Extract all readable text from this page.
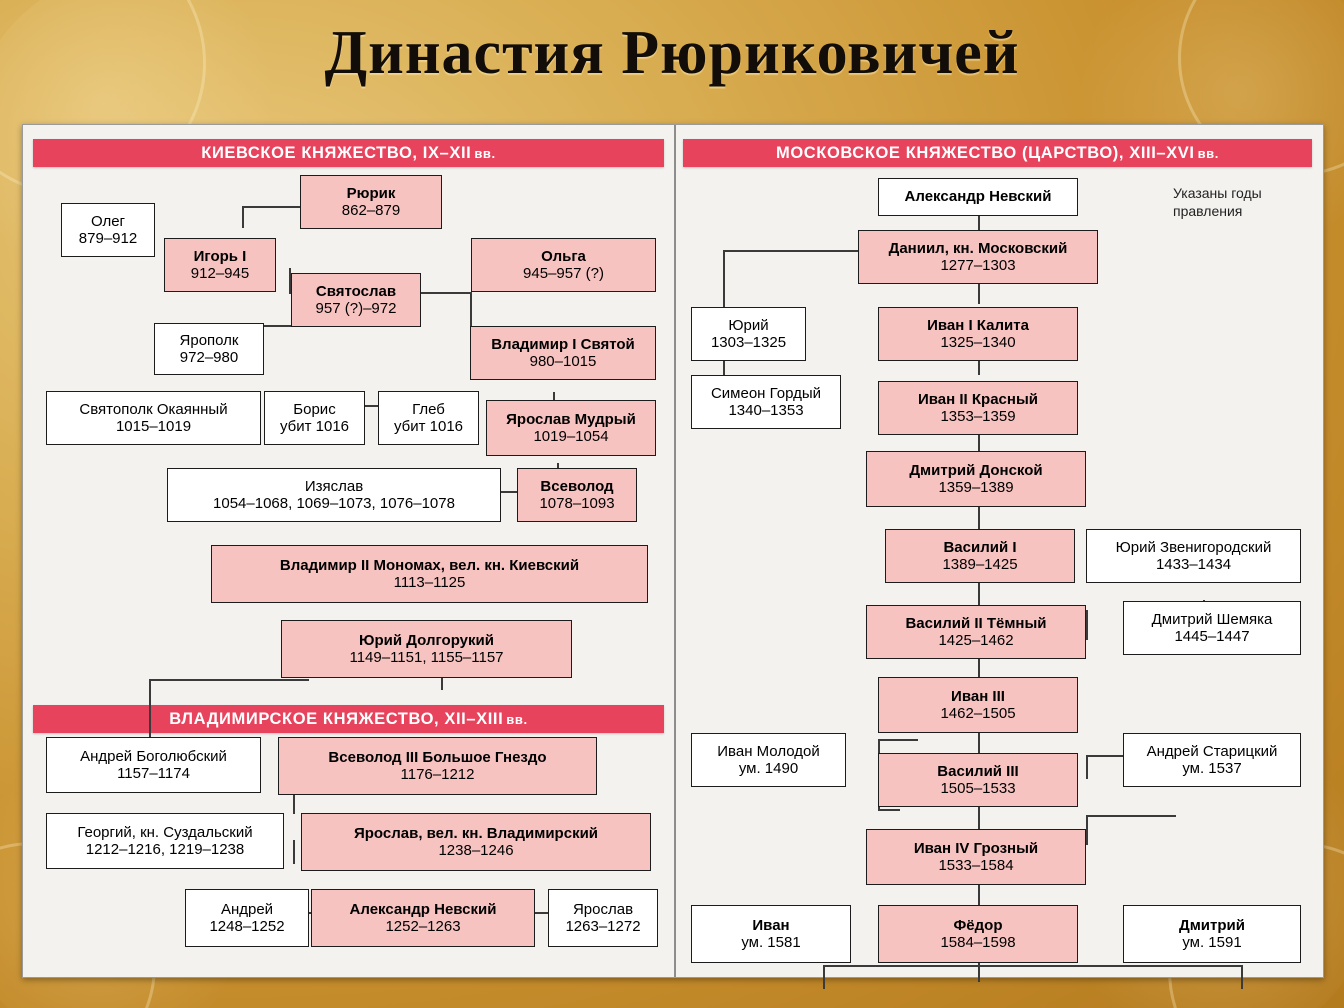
Династия Рюриковичей
КИЕВСКОЕ КНЯЖЕСТВО, IX–XII вв.
ВЛАДИМИРСКОЕ КНЯЖЕСТВО, XII–XIII вв.
МОСКОВСКОЕ КНЯЖЕСТВО (ЦАРСТВО), XIII–XVI вв.
Указаны годы правления
Олег
879–912
Рюрик
862–879
Игорь I
912–945
Ольга
945–957 (?)
Святослав
957 (?)–972
Ярополк
972–980
Владимир I Святой
980–1015
Святополк Окаянный
1015–1019
Борис
убит 1016
Глеб
убит 1016	Ярослав Мудрый
1019–1054
Изяслав
1054–1068, 1069–1073, 1076–1078
Всеволод
1078–1093
Владимир II Мономах, вел. кн. Киевский
1113–1125
Юрий Долгорукий
1149–1151, 1155–1157
Андрей Боголюбский
1157–1174
Всеволод III Большое Гнездо
1176–1212
Георгий, кн. Суздальский
1212–1216, 1219–1238
Ярослав, вел. кн. Владимирский
1238–1246
Андрей
1248–1252
Александр Невский
1252–1263
Ярослав
1263–1272
Александр Невский
Даниил, кн. Московский
1277–1303
Юрий
1303–1325
Иван I Калита
1325–1340
Симеон Гордый
1340–1353
Иван II Красный
1353–1359
Дмитрий Донской
1359–1389
Василий I
1389–1425
Юрий Звенигородский
1433–1434
Василий II Тёмный
1425–1462
Дмитрий Шемяка
1445–1447
Иван III
1462–1505
Иван Молодой
ум. 1490	Василий III
1505–1533
Андрей Старицкий
ум. 1537
Иван IV Грозный
1533–1584
Иван
ум. 1581
Фёдор
1584–1598
Дмитрий
ум. 1591
